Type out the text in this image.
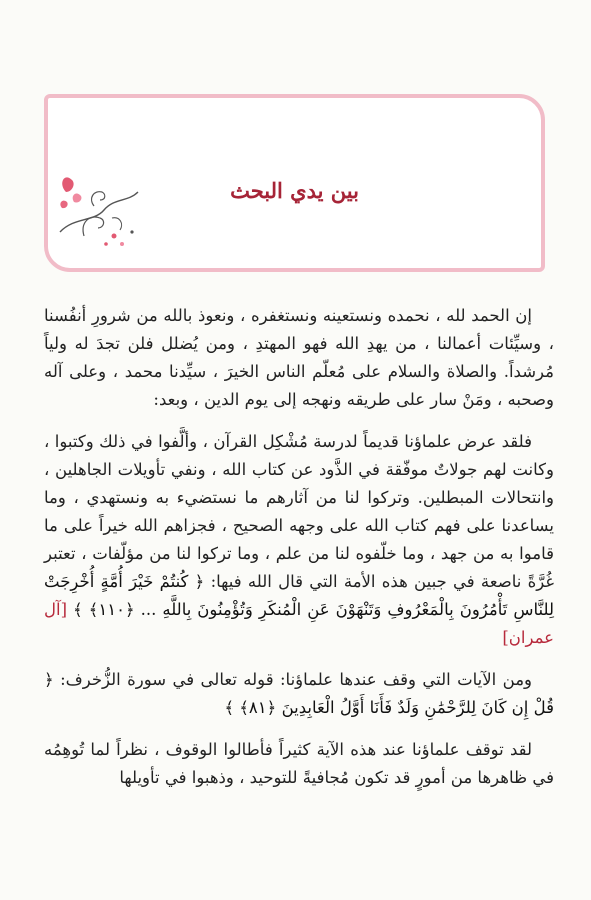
بين يدي البحث

إن الحمد لله ، نحمده ونستعينه ونستغفره ، ونعوذ بالله من شرورِ أنفُسنا ، وسيِّئات أعمالنا ، من يهدِ الله فهو المهتدِ ، ومن يُضلل فلن تجدَ له ولياً مُرشداً. والصلاة والسلام على مُعلّم الناس الخيرَ ، سيِّدنا محمد ، وعلى آله وصحبه ، ومَنْ سار على طريقه ونهجه إلى يوم الدين ، وبعد:

فلقد عرض علماؤنا قديماً لدرسة مُشْكِل القرآن ، وألَّفوا في ذلك وكتبوا ، وكانت لهم جولاتٌ موفّقة في الذَّود عن كتاب الله ، ونفي تأويلات الجاهلين ، وانتحالات المبطلين. وتركوا لنا من آثارهم ما نستضيء به ونستهدي ، وما يساعدنا على فهم كتاب الله على وجهه الصحيح ، فجزاهم الله خيراً على ما قاموا به من جهد ، وما خلّفوه لنا من علم ، وما تركوا لنا من مؤلّفات ، تعتبر غُرَّةً ناصعة في جبين هذه الأمة التي قال الله فيها: ﴿ كُنتُمْ خَيْرَ أُمَّةٍ أُخْرِجَتْ لِلنَّاسِ تَأْمُرُونَ بِالْمَعْرُوفِ وَتَنْهَوْنَ عَنِ الْمُنكَرِ وَتُؤْمِنُونَ بِاللَّهِ ... ﴿١١٠﴾ ﴾ [آل عمران]

ومن الآيات التي وقف عندها علماؤنا: قوله تعالى في سورة الزُّخرف: ﴿ قُلْ إِن كَانَ لِلرَّحْمَٰنِ وَلَدٌ فَأَنَا أَوَّلُ الْعَابِدِينَ ﴿٨١﴾ ﴾

لقد توقف علماؤنا عند هذه الآية كثيراً فأطالوا الوقوف ، نظراً لما تُوهِمُه في ظاهرها من أمورٍ قد تكون مُجافيةً للتوحيد ، وذهبوا في تأويلها
